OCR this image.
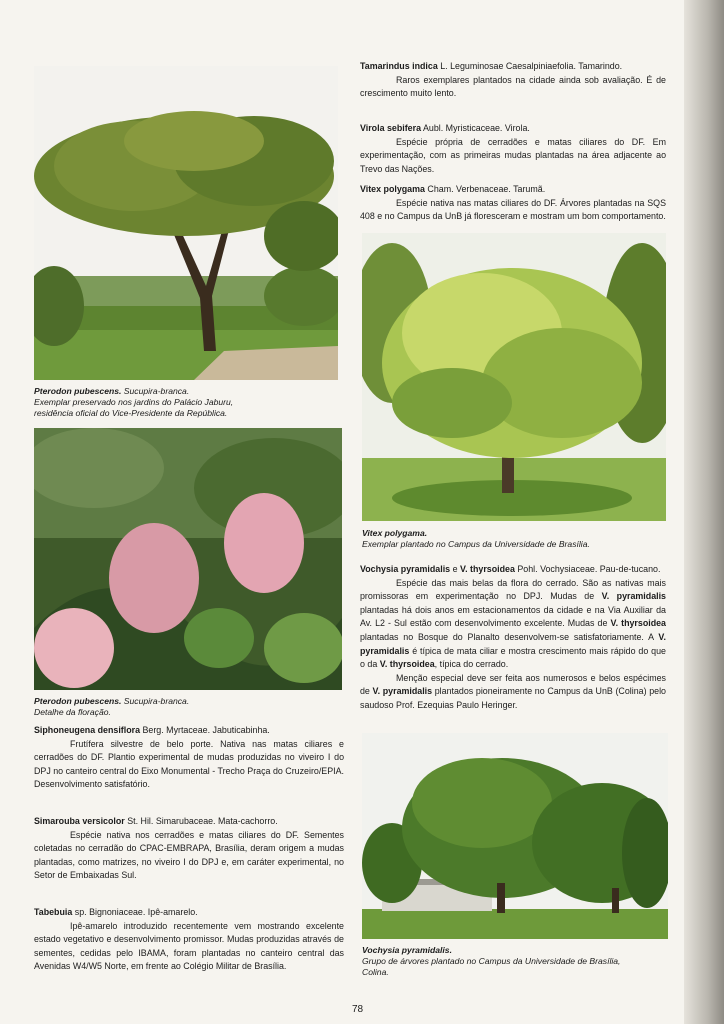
Pterodon pubescens. Sucupira-branca.
Exemplar preservado nos jardins do Palácio Jaburu,
residência oficial do Vice-Presidente da República.
Pterodon pubescens. Sucupira-branca.
Detalhe da floração.

Siphoneugena densiflora Berg. Myrtaceae. Jabuticabinha.

Frutífera silvestre de belo porte. Nativa nas matas ciliares e cerradões do DF. Plantio experimental de mudas produzidas no viveiro I do DPJ no canteiro central do Eixo Monumental - Trecho Praça do Cruzeiro/EPIA. Desenvolvimento satisfatório.

Simarouba versicolor St. Hil. Simarubaceae. Mata-cachorro.

Espécie nativa nos cerradões e matas ciliares do DF. Sementes coletadas no cerradão do CPAC-EMBRAPA, Brasília, deram origem a mudas plantadas, como matrizes, no viveiro I do DPJ e, em caráter experimental, no Setor de Embaixadas Sul.

Tabebuia sp. Bignoniaceae. Ipê-amarelo.

Ipê-amarelo introduzido recentemente vem mostrando excelente estado vegetativo e desenvolvimento promissor. Mudas produzidas através de sementes, cedidas pelo IBAMA, foram plantadas no canteiro central das Avenidas W4/W5 Norte, em frente ao Colégio Militar de Brasília.

Tamarindus indica L. Leguminosae Caesalpiniaefolia. Tamarindo.

Raros exemplares plantados na cidade ainda sob avaliação. É de crescimento muito lento.

Virola sebifera Aubl. Myristicaceae. Virola.

Espécie própria de cerradões e matas ciliares do DF. Em experimentação, com as primeiras mudas plantadas na área adjacente ao Trevo das Nações.

Vitex polygama Cham. Verbenaceae. Tarumã.

Espécie nativa nas matas ciliares do DF. Árvores plantadas na SQS 408 e no Campus da UnB já floresceram e mostram um bom comportamento.

Vitex polygama.
Exemplar plantado no Campus da Universidade de Brasília.

Vochysia pyramidalis e V. thyrsoidea Pohl. Vochysiaceae. Pau-de-tucano.

Espécie das mais belas da flora do cerrado. São as nativas mais promissoras em experimentação no DPJ. Mudas de V. pyramidalis plantadas há dois anos em estacionamentos da cidade e na Via Auxiliar da Av. L2 - Sul estão com desenvolvimento excelente. Mudas de V. thyrsoidea plantadas no Bosque do Planalto desenvolvem-se satisfatoriamente. A V. pyramidalis é típica de mata ciliar e mostra crescimento mais rápido do que o da V. thyrsoidea, típica do cerrado.

Menção especial deve ser feita aos numerosos e belos espécimes de V. pyramidalis plantados pioneiramente no Campus da UnB (Colina) pelo saudoso Prof. Ezequias Paulo Heringer.

Vochysia pyramidalis.
Grupo de árvores plantado no Campus da Universidade de Brasília,
Colina.
78
